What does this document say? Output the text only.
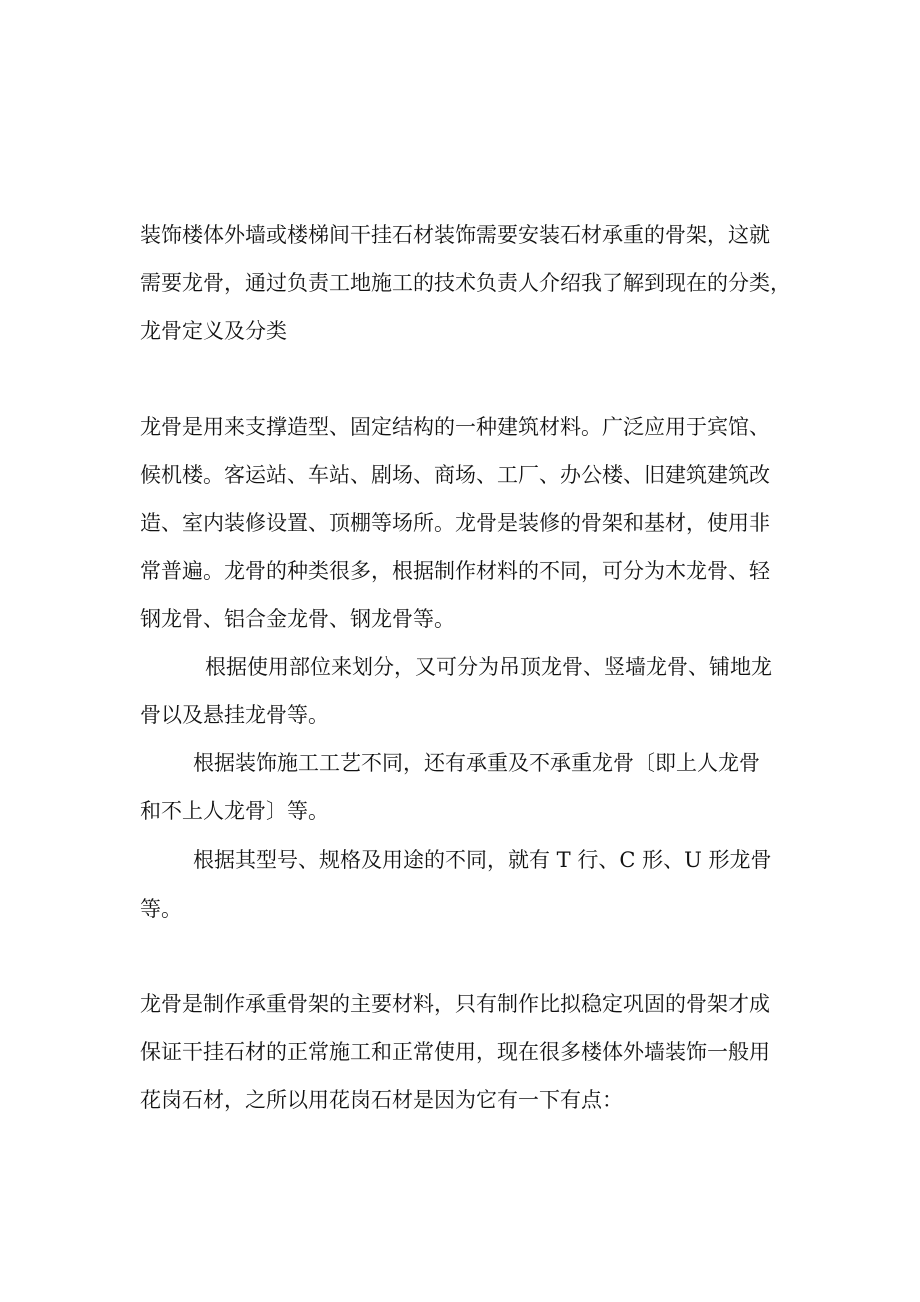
装饰楼体外墙或楼梯间干挂石材装饰需要安装石材承重的骨架，这就
需要龙骨，通过负责工地施工的技术负责人介绍我了解到现在的分类，
龙骨定义及分类
龙骨是用来支撑造型、固定结构的一种建筑材料。广泛应用于宾馆、
候机楼。客运站、车站、剧场、商场、工厂、办公楼、旧建筑建筑改
造、室内装修设置、顶棚等场所。龙骨是装修的骨架和基材，使用非
常普遍。龙骨的种类很多，根据制作材料的不同，可分为木龙骨、轻
钢龙骨、铝合金龙骨、钢龙骨等。
根据使用部位来划分，又可分为吊顶龙骨、竖墙龙骨、铺地龙
骨以及悬挂龙骨等。
根据装饰施工工艺不同，还有承重及不承重龙骨〔即上人龙骨
和不上人龙骨〕等。
根据其型号、规格及用途的不同，就有 T 行、C 形、U 形龙骨
等。
龙骨是制作承重骨架的主要材料，只有制作比拟稳定巩固的骨架才成
保证干挂石材的正常施工和正常使用，现在很多楼体外墙装饰一般用
花岗石材，之所以用花岗石材是因为它有一下有点：
